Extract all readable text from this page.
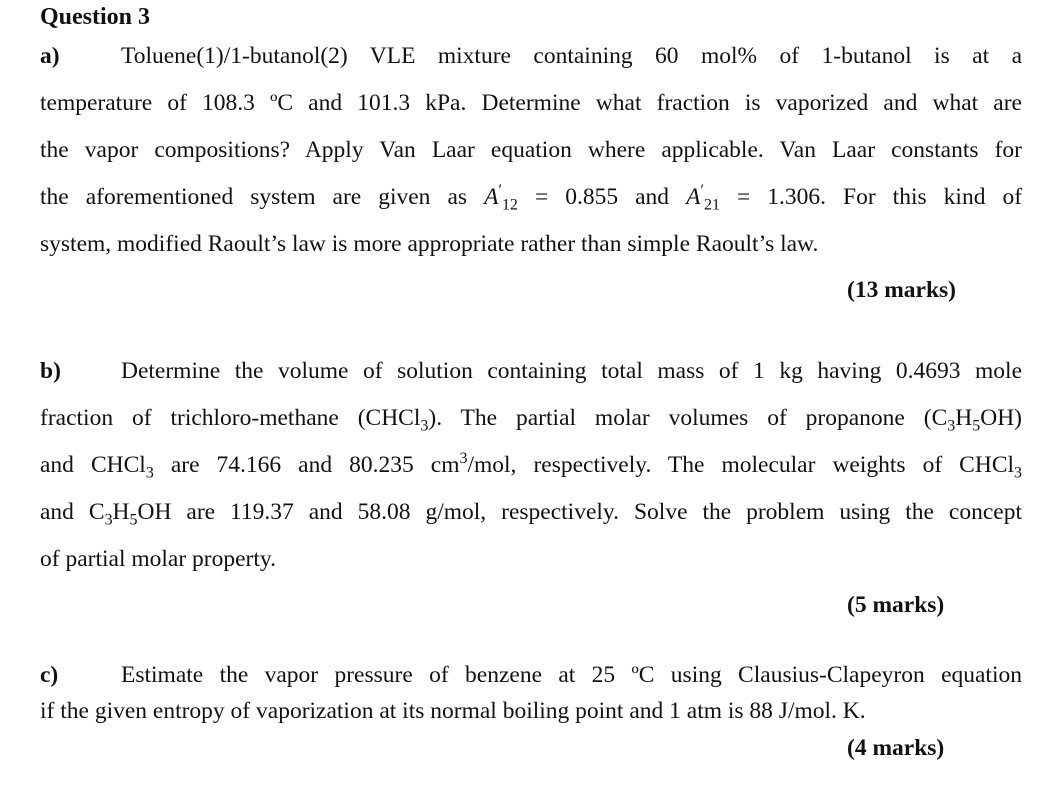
Question 3
a)	Toluene(1)/1-butanol(2) VLE mixture containing 60 mol% of 1-butanol is at a
temperature of 108.3 ºC and 101.3 kPa. Determine what fraction is vaporized and what are
the vapor compositions? Apply Van Laar equation where applicable. Van Laar constants for
the aforementioned system are given as $A'_{12} = 0.855$ and $A'_{21} = 1.306$. For this kind of
system, modified Raoult’s law is more appropriate rather than simple Raoult’s law.
(13 marks)
b)	Determine the volume of solution containing total mass of 1 kg having 0.4693 mole
fraction of trichloro-methane (CHCl$_3$). The partial molar volumes of propanone $(C_3H_5OH)$
and CHCl$_3$ are 74.166 and 80.235 $cm^3$/mol, respectively. The molecular weights of CHCl$_3$
and $C_3H_5OH$ are 119.37 and 58.08 g/mol, respectively. Solve the problem using the concept
of partial molar property.
(5 marks)
c)	Estimate the vapor pressure of benzene at 25 ºC using Clausius-Clapeyron equation
if the given entropy of vaporization at its normal boiling point and 1 atm is 88 J/mol. K.
(4 marks)
